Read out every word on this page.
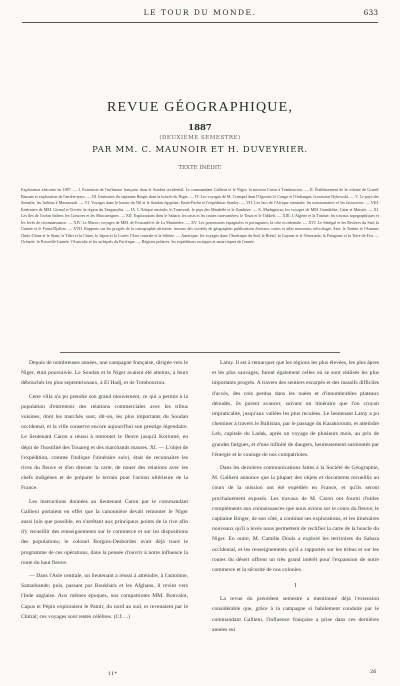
LE TOUR DU MONDE.	633
REVUE GÉOGRAPHIQUE,
1887
(DEUXIÈME SEMESTRE)
PAR MM. C. MAUNOIR ET H. DUVEYRIER.
TEXTE INÉDIT.
Exploration africaine en 1887. — I. Extension de l'influence française dans le Soudan occidental. Le commandant Gallieni et le Niger; la mission Caron à Tombouctou. — II. Établissement de la colonie de Grand-Bassam et exploration de l'arrière-pays. — III. Itinéraires du capitaine Binger dans la boucle du Niger. — IV. Les voyages de M. Crampel dans l'Ogooué; le Congo et l'Oubangui; la mission Dybowski. — V. Le pays des Somalis; les Italiens à Massaouah. — VI. Voyages dans le bassin du Nil et le Soudan égyptien; Emin-Pacha et l'expédition Stanley. — VII. Les lacs de l'Afrique orientale; les missionnaires et les factoreries. — VIII. Itinéraires de MM. Giraud et Trivier; la région du Tanganyika. — IX. L'Afrique australe; le Transvaal, le pays des Matabélé et le Zambèze. — X. Madagascar; les voyages de MM. Grandidier, Catat et Maistre. — XI. Les îles de l'océan Indien; les Comores et les Mascareignes. — XII. Explorations dans le Sahara; les oasis et les routes caravanières; le Touat et le Tidikelt. — XIII. L'Algérie et la Tunisie; les travaux topographiques et les levés de reconnaissance. — XIV. Le Maroc; voyages de MM. de Foucauld et de La Martinière. — XV. Les possessions espagnoles et portugaises; la côte occidentale. — XVI. Le Sénégal et les Rivières du Sud; la Guinée et le Fouta-Djallon. — XVII. Rapports sur les progrès de la cartographie africaine; travaux des sociétés de géographie; publications diverses; cartes et atlas nouveaux; nécrologie. Asie: le Tonkin et l'Annam; l'Indo-Chine et le Siam; le Tibet et la Chine; le Japon et la Corée; l'Asie centrale et la Sibérie. — Amérique: les voyages dans l'Amérique du Sud; le Brésil, la Guyane et le Venezuela; la Patagonie et la Terre de Feu. — Océanie: la Nouvelle-Guinée, l'Australie et les archipels du Pacifique. — Régions polaires: les expéditions arctiques et antarctiques de l'année.

Depuis de nombreuses années, une campagne française, dirigée vers le Niger, était poursuivie. Le Soudan et le Niger avaient été atteints, à leurs débouchés les plus septentrionaux, à El Hadj, et de Tombouctou.

Cette villa n'a pu prendre son grand mouvement, ce qui a permis à la population d'entretenir des relations commerciales avec les tribus voisines, dont les marchés sont, dit-on, les plus importants du Soudan occidental, et la ville conserve encore aujourd'hui son prestige légendaire. Le lieutenant Caron a réussi à remonter le fleuve jusqu'à Koriumé, en dépit de l'hostilité des Touareg et des marchands maures. XI. — L'objet de l'expédition, comme l'indique l'itinéraire suivi, était de reconnaître les rives du fleuve et d'en dresser la carte, de nouer des relations avec les chefs indigènes et de préparer le terrain pour l'action ultérieure de la France.

Les instructions données au lieutenant Caron par le commandant Gallieni portaient en effet que la canonnière devait remonter le Niger aussi loin que possible, en s'arrêtant aux principaux points de la rive afin d'y recueillir des renseignements sur le commerce et sur les dispositions des populations; le colonel Borgnis-Desbordes avait déjà tracé le programme de ces opérations, dans la pensée d'ouvrir à notre influence la route du haut fleuve.

— Dans l'Asie centrale, un lieutenant a réussi à atteindre, à l'automne, Samarkande; puis, passant par Boukhara et les Afghans, il revint vers l'Inde anglaise. Aux mêmes époques, nos compatriotes MM. Bonvalot, Capus et Pépin exploraient le Pamir, du nord au sud, et revenaient par le Chitral; ces voyages sont restés célèbres. (Cf. ...)

Lamy. Il est à remarquer que les régions les plus élevées, les plus âpres et les plus sauvages, furent également celles où se sont réalisés les plus importants progrès. A travers des sentiers escarpés et des massifs difficiles d'accès, des cols perdus dans les nuées et d'innombrables plateaux dénudés, ils purent avancer, suivant un itinéraire que l'on croyait impraticable, jusqu'aux vallées les plus reculées. Le lieutenant Lamy a pu cheminer à travers le Baltistan, par le passage du Karakoroum, et atteindre Leh, capitale du Ladak, après un voyage de plusieurs mois, au prix de grandes fatigues, et d'une infinité de dangers, heureusement surmontés par l'énergie et le courage de nos compatriotes.

Dans les dernières communications faites à la Société de Géographie, M. Gallieni annonce que la plupart des objets et documents recueillis au cours de la mission ont été expédiés en France, et qu'ils seront prochainement exposés. Les travaux de M. Caron ont fourni d'utiles compléments aux connaissances que nous avions sur le cours du fleuve; le capitaine Binger, de son côté, a continué ses explorations, et les itinéraires nouveaux qu'il a levés nous permettent de rectifier la carte de la boucle du Niger. En outre, M. Camille Douls a exploré les territoires du Sahara occidental, et les renseignements qu'il a rapportés sur les tribus et sur les routes du désert offrent un très grand intérêt pour l'expansion de notre commerce et la sécurité de nos colonies.

I

La revue du précédent semestre a mentionné déjà l'extension considérable que, grâce à la campagne si habilement conduite par le commandant Gallieni, l'influence française a prise dans ces dernières années sur

11*	26
